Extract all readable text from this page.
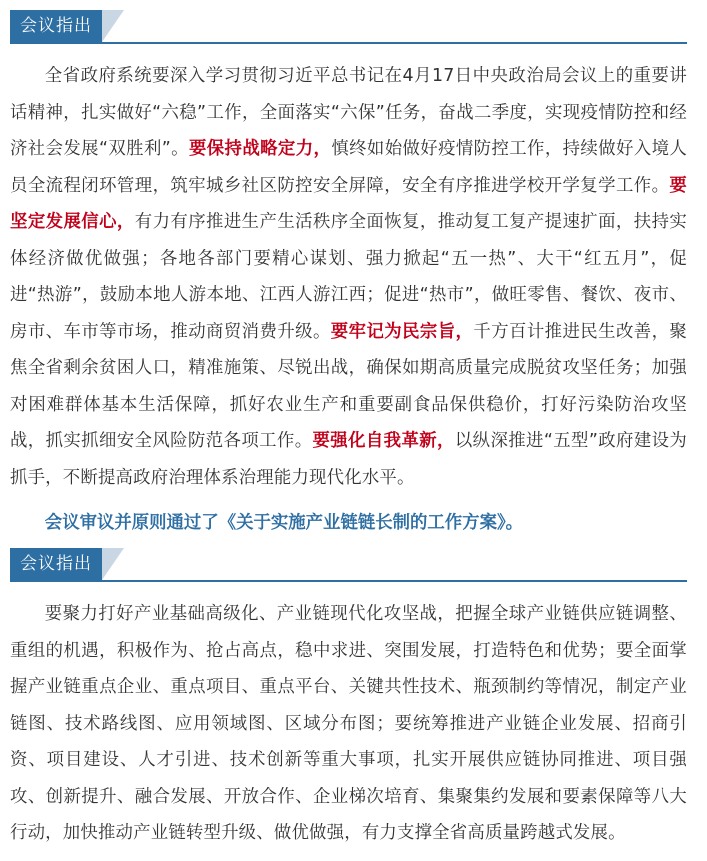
会议指出

全省政府系统要深入学习贯彻习近平总书记在4月17日中央政治局会议上的重要讲话精神，扎实做好“六稳”工作，全面落实“六保”任务，奋战二季度，实现疫情防控和经济社会发展“双胜利”。要保持战略定力，慎终如始做好疫情防控工作，持续做好入境人员全流程闭环管理，筑牢城乡社区防控安全屏障，安全有序推进学校开学复学工作。要坚定发展信心，有力有序推进生产生活秩序全面恢复，推动复工复产提速扩面，扶持实体经济做优做强；各地各部门要精心谋划、强力掀起“五一热”、大干“红五月”，促进“热游”，鼓励本地人游本地、江西人游江西；促进“热市”，做旺零售、餐饮、夜市、房市、车市等市场，推动商贸消费升级。要牢记为民宗旨，千方百计推进民生改善，聚焦全省剩余贫困人口，精准施策、尽锐出战，确保如期高质量完成脱贫攻坚任务；加强对困难群体基本生活保障，抓好农业生产和重要副食品保供稳价，打好污染防治攻坚战，抓实抓细安全风险防范各项工作。要强化自我革新，以纵深推进“五型”政府建设为抓手，不断提高政府治理体系治理能力现代化水平。

会议审议并原则通过了《关于实施产业链链长制的工作方案》。

会议指出

要聚力打好产业基础高级化、产业链现代化攻坚战，把握全球产业链供应链调整、重组的机遇，积极作为、抢占高点，稳中求进、突围发展，打造特色和优势；要全面掌握产业链重点企业、重点项目、重点平台、关键共性技术、瓶颈制约等情况，制定产业链图、技术路线图、应用领域图、区域分布图；要统筹推进产业链企业发展、招商引资、项目建设、人才引进、技术创新等重大事项，扎实开展供应链协同推进、项目强攻、创新提升、融合发展、开放合作、企业梯次培育、集聚集约发展和要素保障等八大行动，加快推动产业链转型升级、做优做强，有力支撑全省高质量跨越式发展。
